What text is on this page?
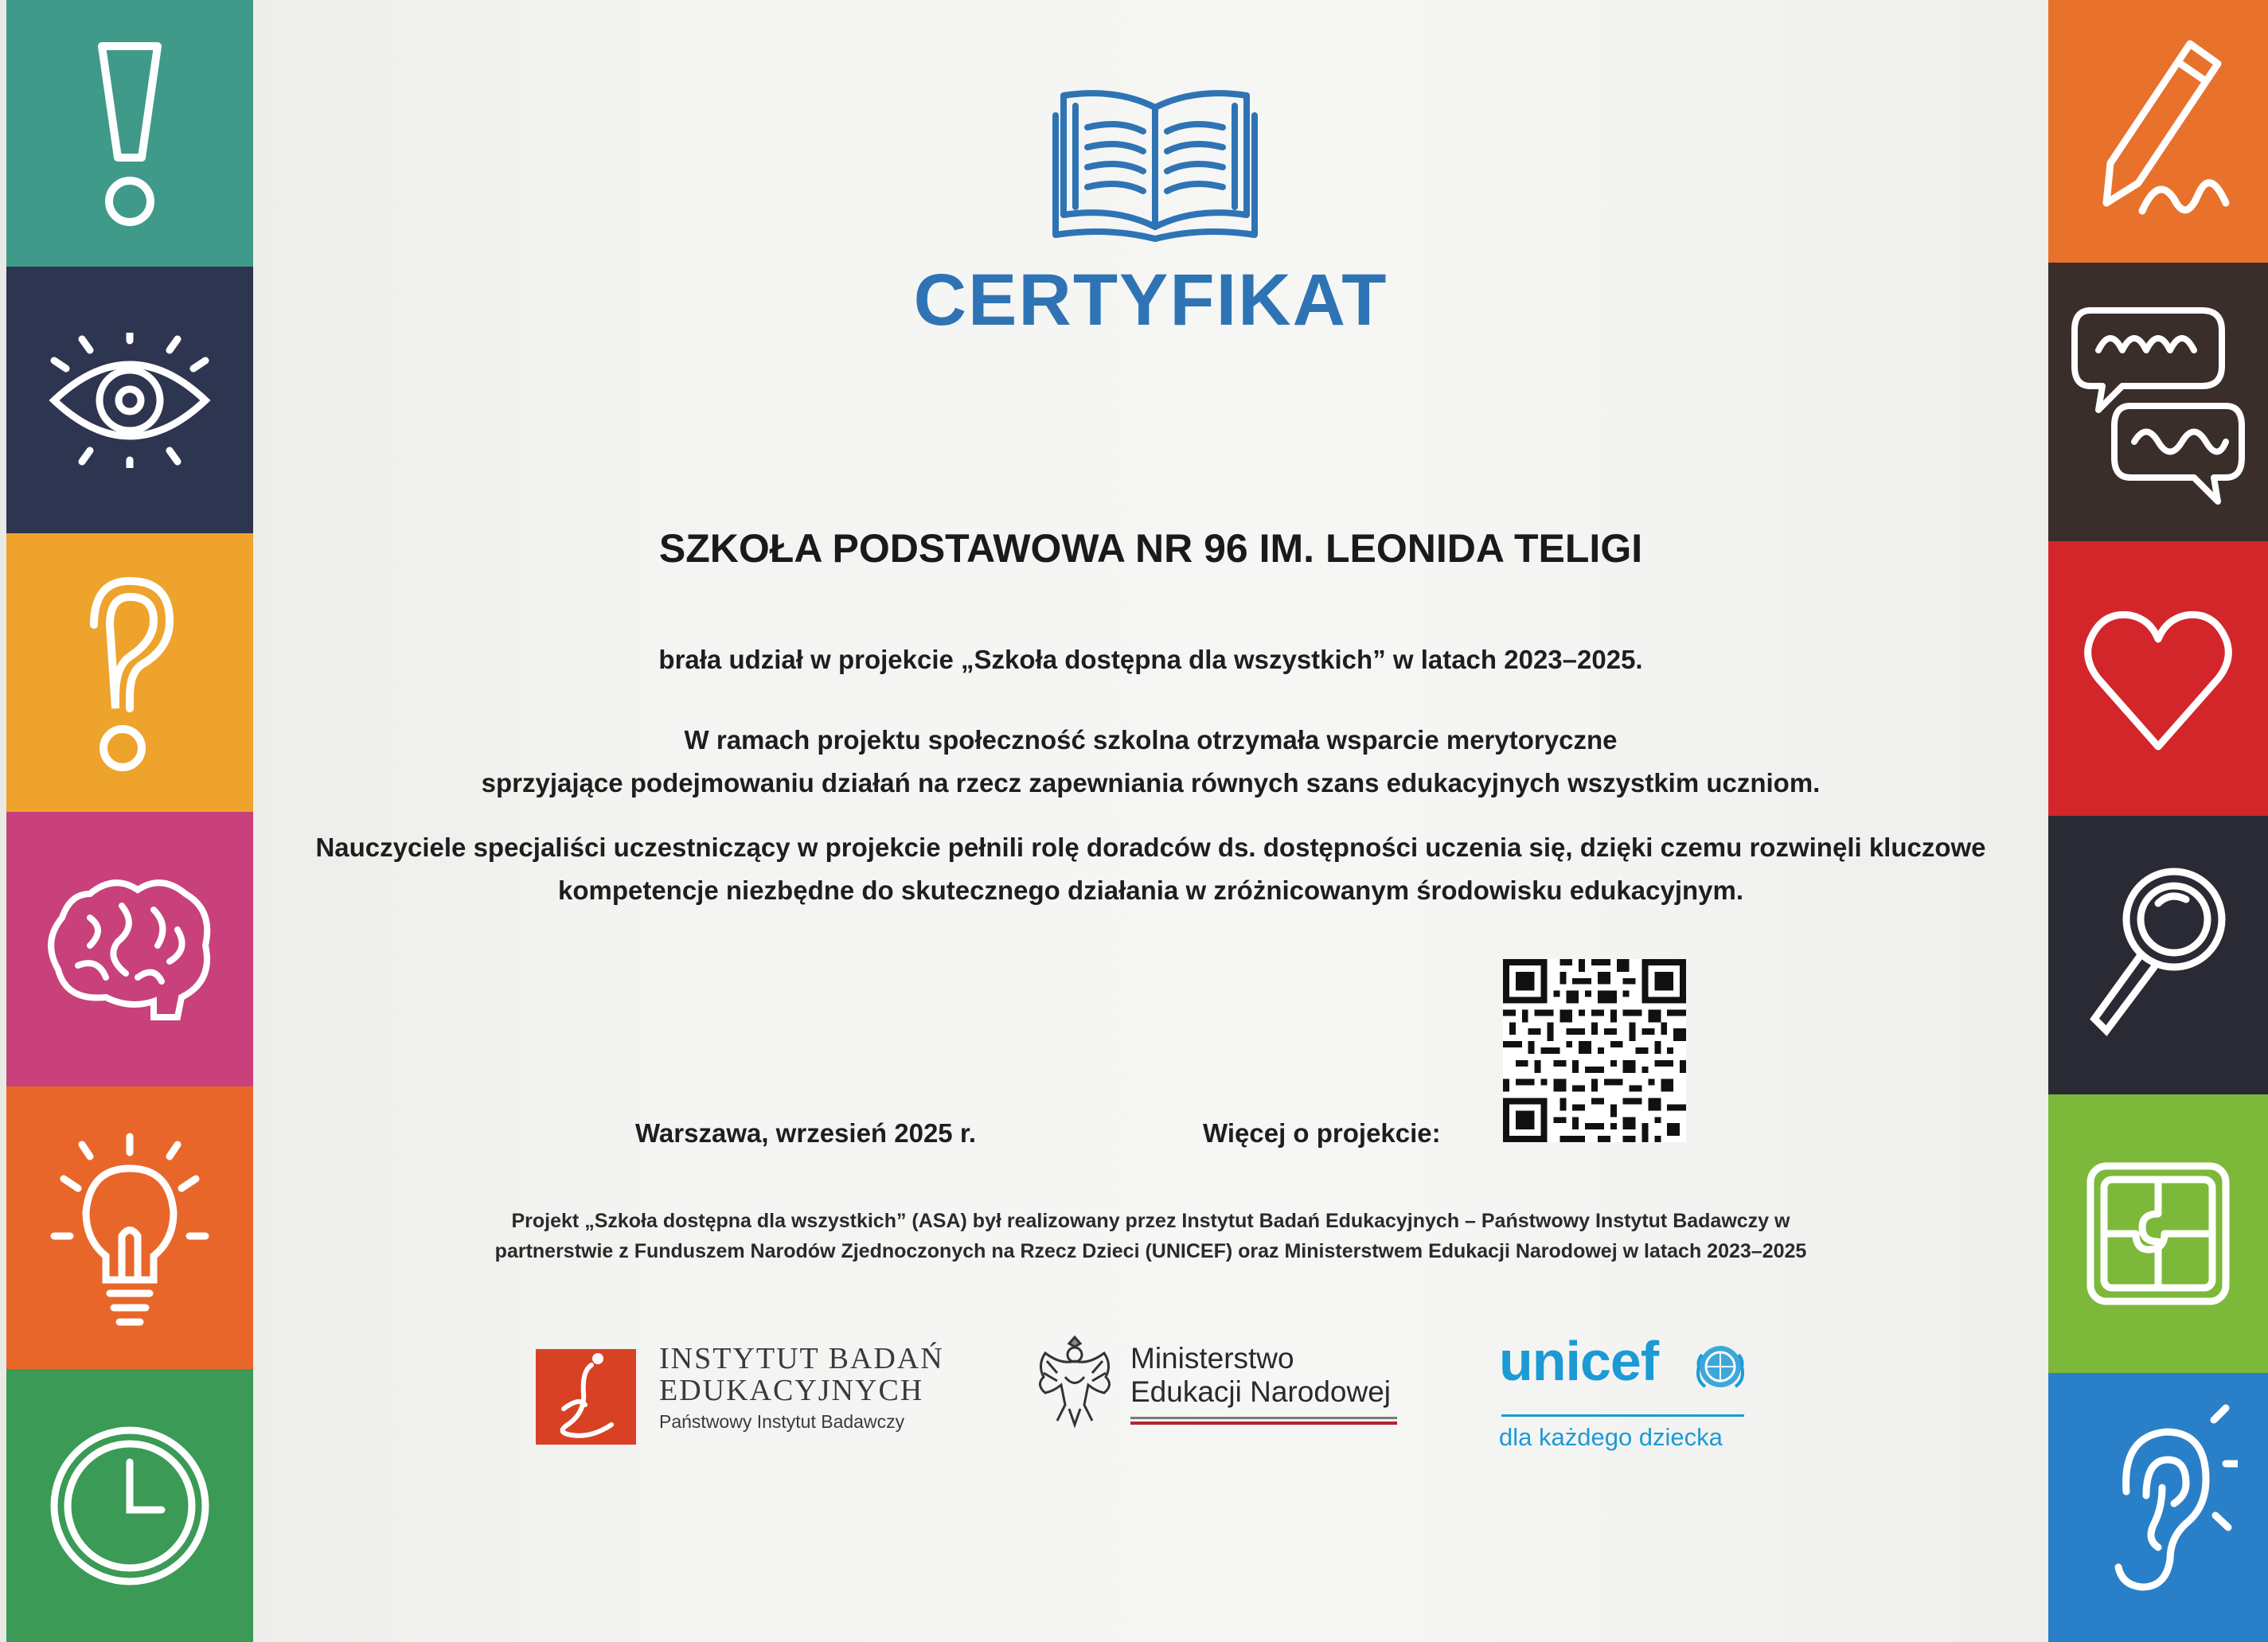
CERTYFIKAT
SZKOŁA PODSTAWOWA NR 96 IM. LEONIDA TELIGI
brała udział w projekcie „Szkoła dostępna dla wszystkich” w latach 2023–2025.
W ramach projektu społeczność szkolna otrzymała wsparcie merytoryczne
sprzyjające podejmowaniu działań na rzecz zapewniania równych szans edukacyjnych wszystkim uczniom.
Nauczyciele specjaliści uczestniczący w projekcie pełnili rolę doradców ds. dostępności uczenia się, dzięki czemu rozwinęli kluczowe
kompetencje niezbędne do skutecznego działania w zróżnicowanym środowisku edukacyjnym.
Warszawa, wrzesień 2025 r.	Więcej o projekcie:
Projekt „Szkoła dostępna dla wszystkich” (ASA) był realizowany przez Instytut Badań Edukacyjnych – Państwowy Instytut Badawczy w
partnerstwie z Funduszem Narodów Zjednoczonych na Rzecz Dzieci (UNICEF) oraz Ministerstwem Edukacji Narodowej w latach 2023–2025
INSTYTUT BADAŃ
EDUKACYJNYCH
Państwowy Instytut Badawczy
Ministerstwo
Edukacji Narodowej unicef
dla każdego dziecka
